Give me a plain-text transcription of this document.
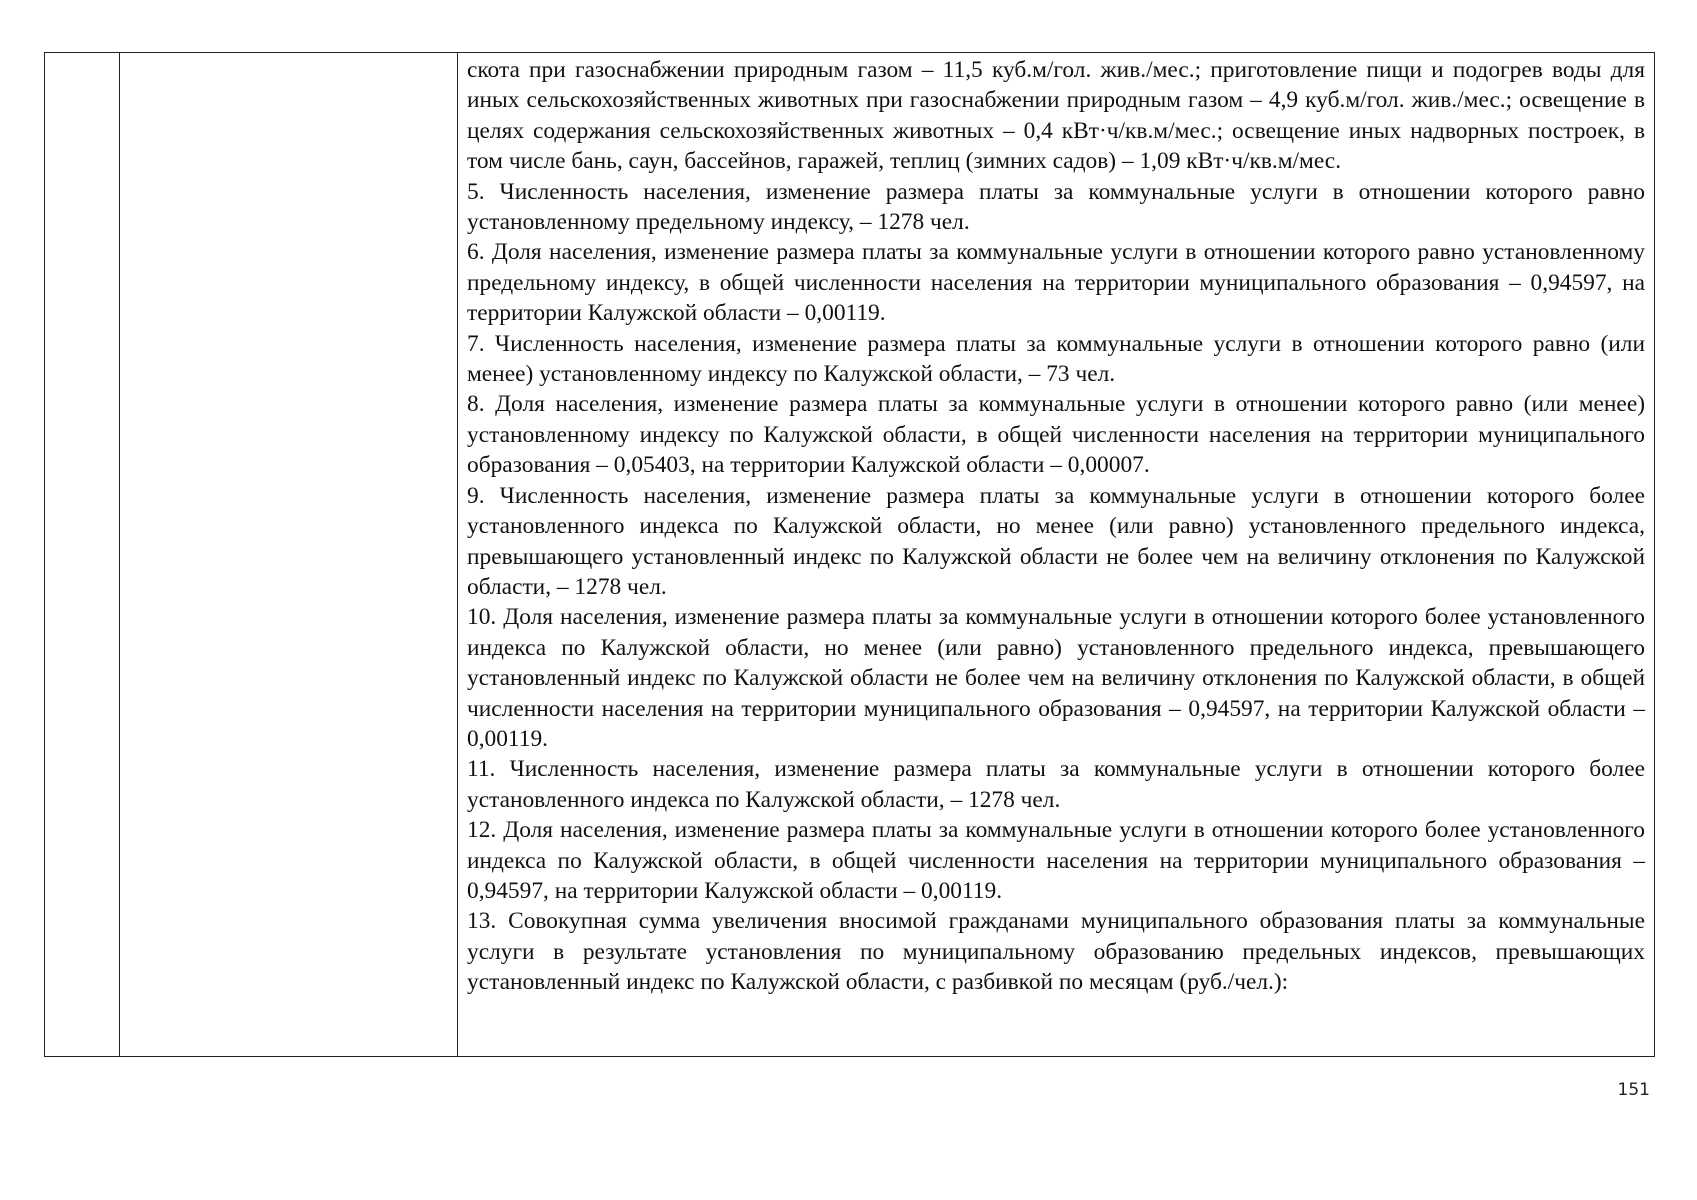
скота при газоснабжении природным газом – 11,5 куб.м/гол. жив./мес.; приготовление пищи и подогрев воды для иных сельскохозяйственных животных при газоснабжении природным газом – 4,9 куб.м/гол. жив./мес.; освещение в целях содержания сельскохозяйственных животных – 0,4 кВт·ч/кв.м/мес.; освещение иных надворных построек, в том числе бань, саун, бассейнов, гаражей, теплиц (зимних садов) – 1,09 кВт·ч/кв.м/мес.

5. Численность населения, изменение размера платы за коммунальные услуги в отношении которого равно установленному предельному индексу, – 1278 чел.

6. Доля населения, изменение размера платы за коммунальные услуги в отношении которого равно установленному предельному индексу, в общей численности населения на территории муниципального образования – 0,94597, на территории Калужской области – 0,00119.

7. Численность населения, изменение размера платы за коммунальные услуги в отношении которого равно (или менее) установленному индексу по Калужской области, – 73 чел.

8. Доля населения, изменение размера платы за коммунальные услуги в отношении которого равно (или менее) установленному индексу по Калужской области, в общей численности населения на территории муниципального образования – 0,05403, на территории Калужской области – 0,00007.

9. Численность населения, изменение размера платы за коммунальные услуги в отношении которого более установленного индекса по Калужской области, но менее (или равно) установленного предельного индекса, превышающего установленный индекс по Калужской области не более чем на величину отклонения по Калужской области, – 1278 чел.

10. Доля населения, изменение размера платы за коммунальные услуги в отношении которого более установленного индекса по Калужской области, но менее (или равно) установленного предельного индекса, превышающего установленный индекс по Калужской области не более чем на величину отклонения по Калужской области, в общей численности населения на территории муниципального образования – 0,94597, на территории Калужской области – 0,00119.

11. Численность населения, изменение размера платы за коммунальные услуги в отношении которого более установленного индекса по Калужской области, – 1278 чел.

12. Доля населения, изменение размера платы за коммунальные услуги в отношении которого более установленного индекса по Калужской области, в общей численности населения на территории муниципального образования – 0,94597, на территории Калужской области – 0,00119.

13. Совокупная сумма увеличения вносимой гражданами муниципального образования платы за коммунальные услуги в результате установления по муниципальному образованию предельных индексов, превышающих установленный индекс по Калужской области, с разбивкой по месяцам (руб./чел.):

151
